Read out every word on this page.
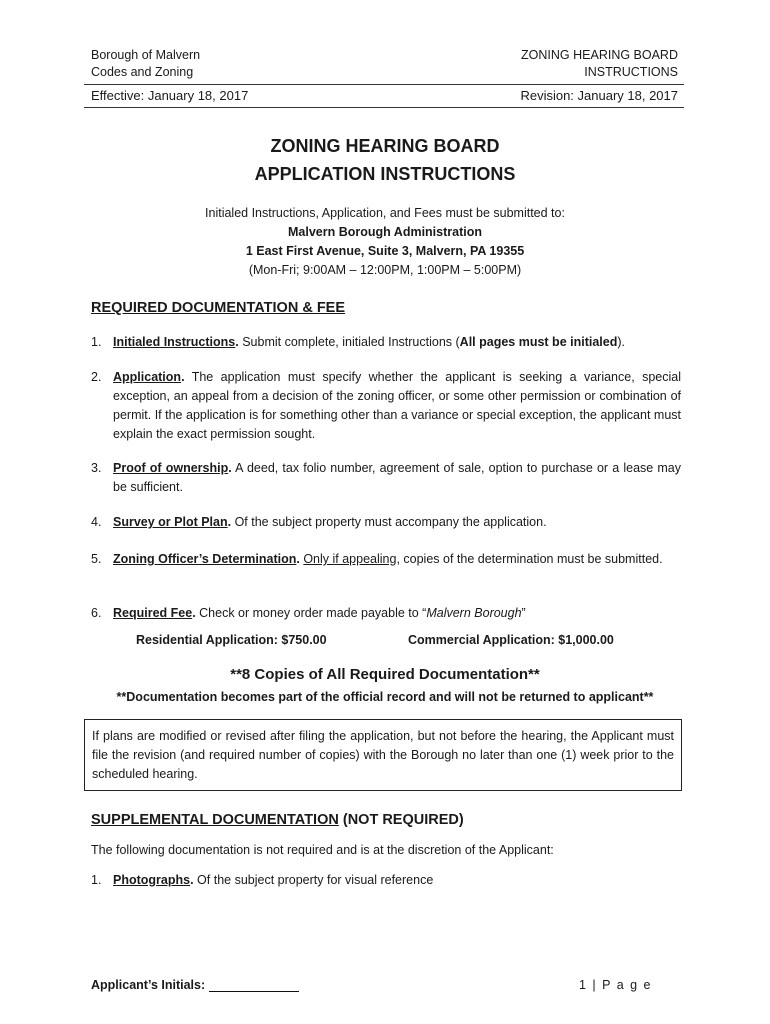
Borough of Malvern
Codes and Zoning
ZONING HEARING BOARD
INSTRUCTIONS
Effective: January 18, 2017	Revision: January 18, 2017
ZONING HEARING BOARD
APPLICATION INSTRUCTIONS
Initialed Instructions, Application, and Fees must be submitted to:
Malvern Borough Administration
1 East First Avenue, Suite 3, Malvern, PA 19355
(Mon-Fri; 9:00AM – 12:00PM, 1:00PM – 5:00PM)
REQUIRED DOCUMENTATION & FEE
1. Initialed Instructions. Submit complete, initialed Instructions (All pages must be initialed).
2. Application. The application must specify whether the applicant is seeking a variance, special exception, an appeal from a decision of the zoning officer, or some other permission or combination of permit. If the application is for something other than a variance or special exception, the applicant must explain the exact permission sought.
3. Proof of ownership. A deed, tax folio number, agreement of sale, option to purchase or a lease may be sufficient.
4. Survey or Plot Plan. Of the subject property must accompany the application.
5. Zoning Officer’s Determination. Only if appealing, copies of the determination must be submitted.
6. Required Fee. Check or money order made payable to “Malvern Borough”
Residential Application: $750.00	Commercial Application: $1,000.00
**8 Copies of All Required Documentation**
**Documentation becomes part of the official record and will not be returned to applicant**
If plans are modified or revised after filing the application, but not before the hearing, the Applicant must file the revision (and required number of copies) with the Borough no later than one (1) week prior to the scheduled hearing.
SUPPLEMENTAL DOCUMENTATION (NOT REQUIRED)
The following documentation is not required and is at the discretion of the Applicant:
1. Photographs. Of the subject property for visual reference
Applicant’s Initials:	1 | P a g e
